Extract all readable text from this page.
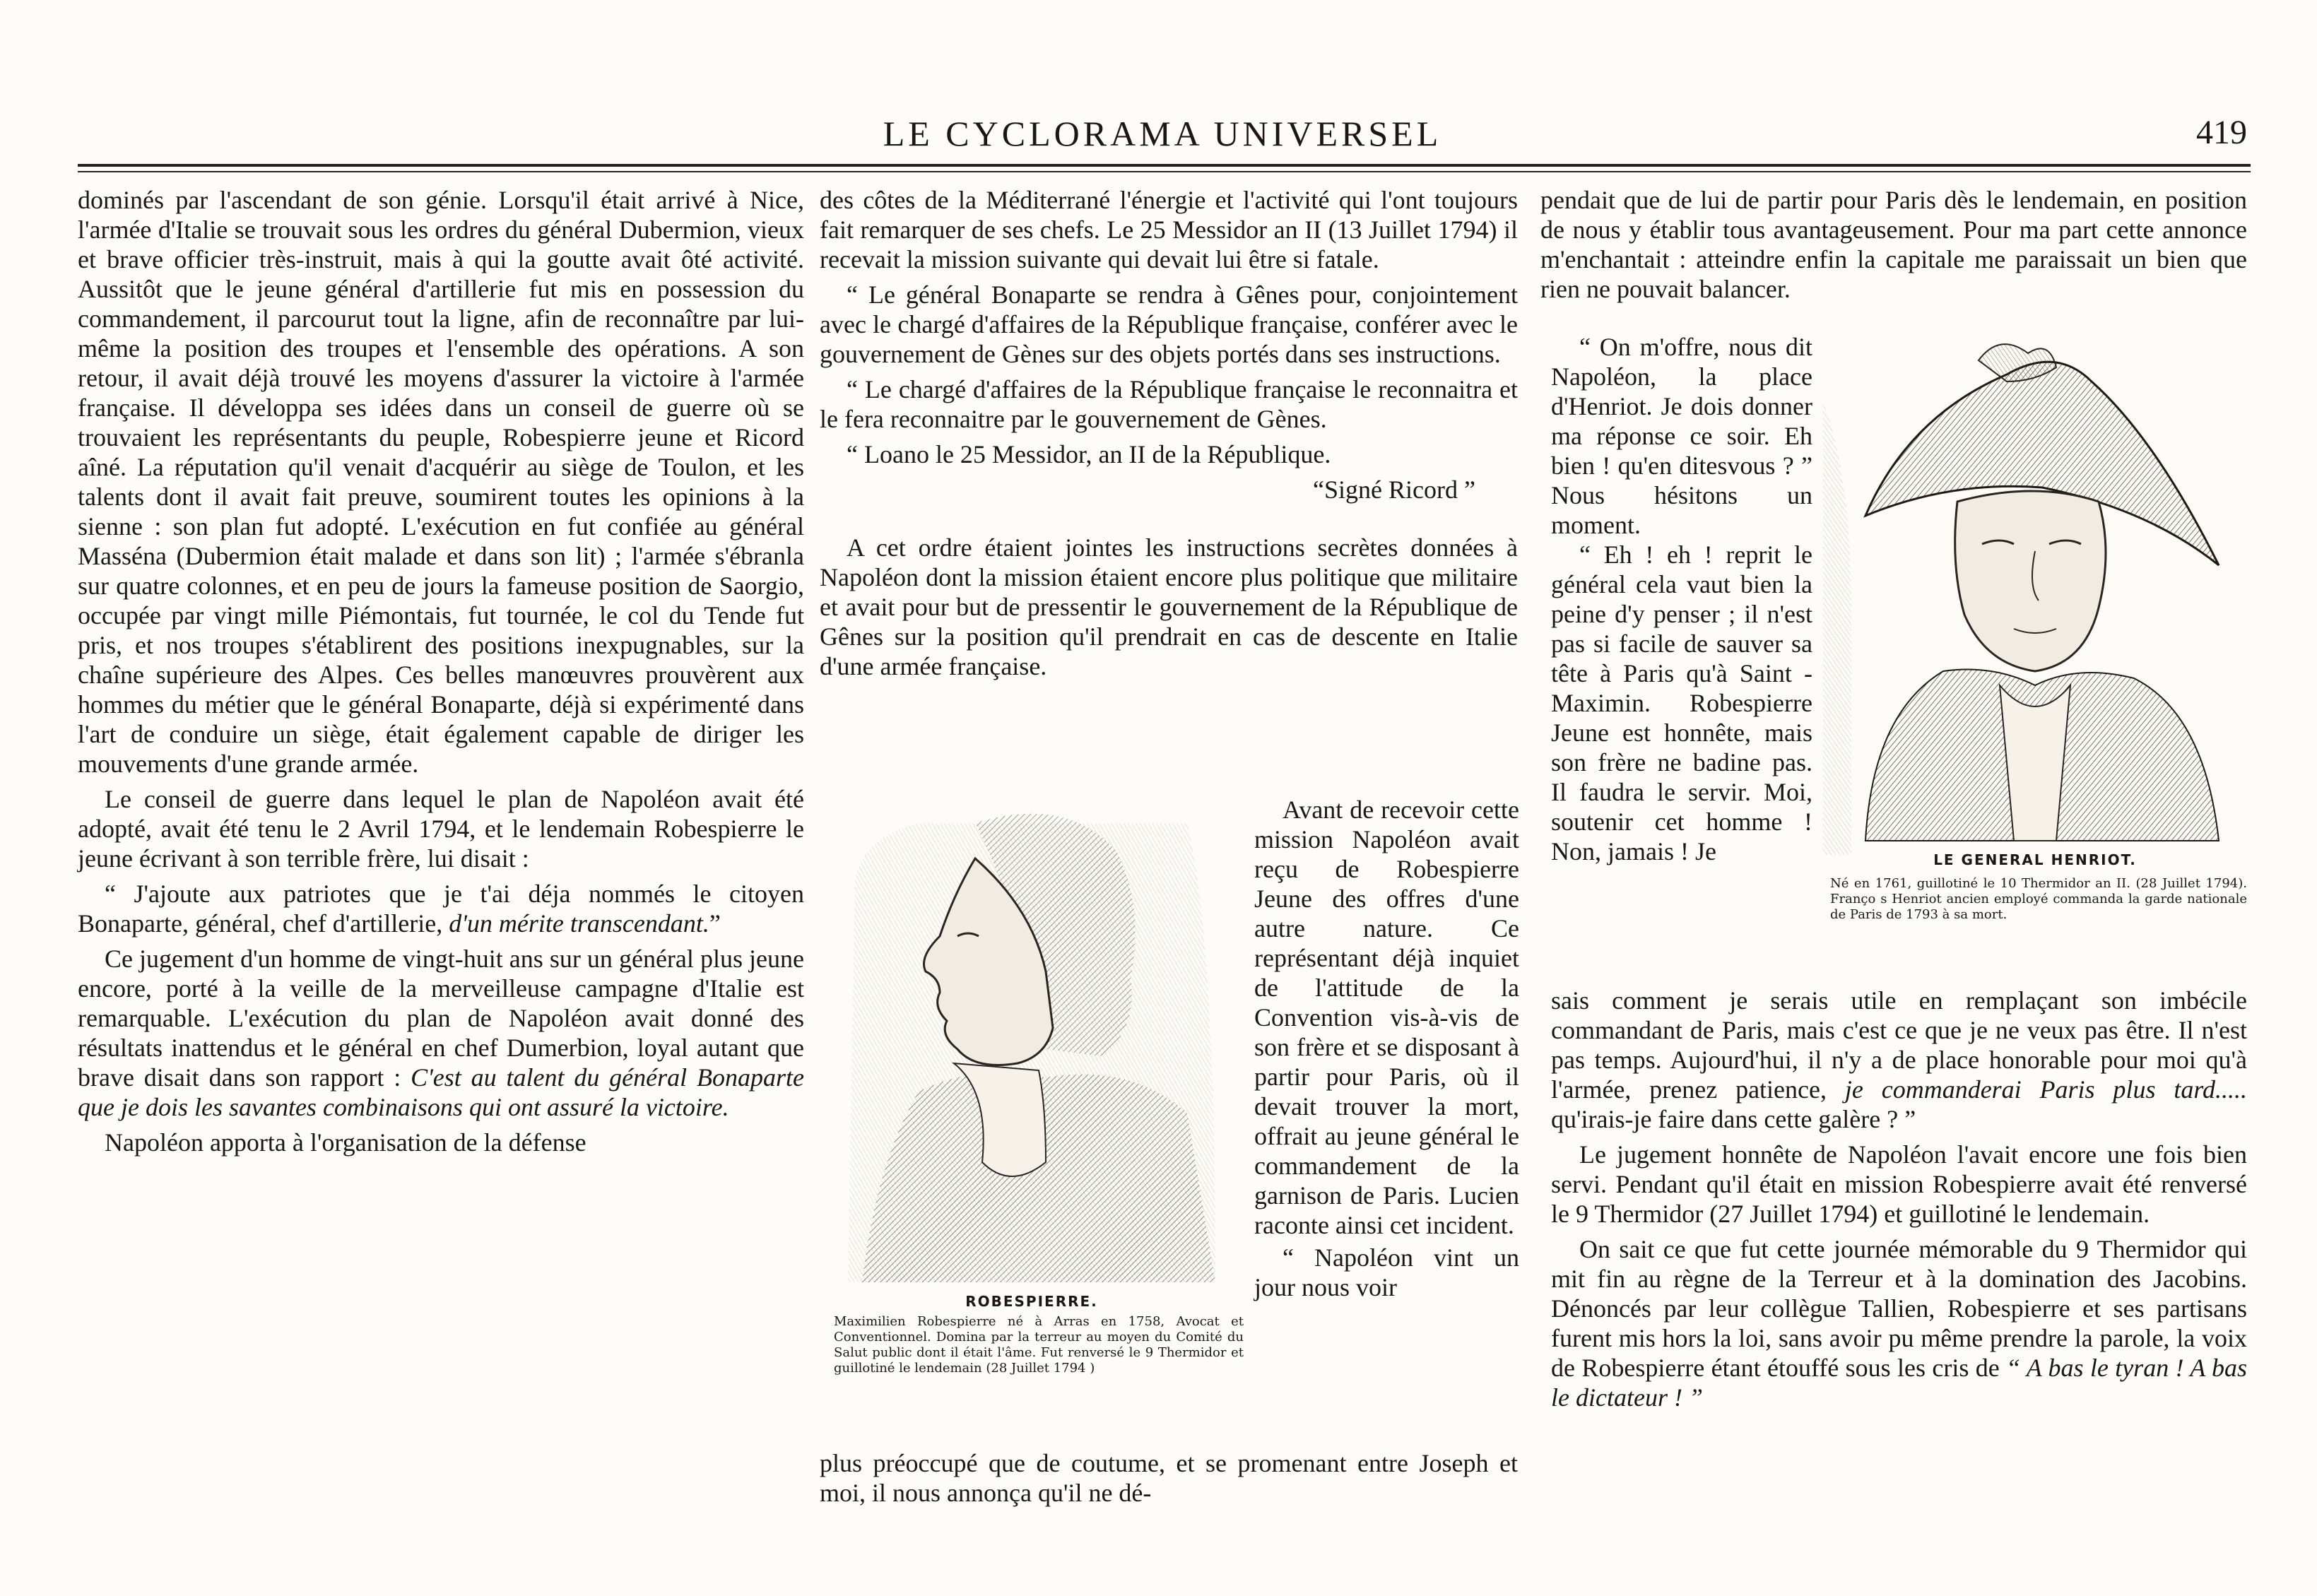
LE CYCLORAMA UNIVERSEL	419

dominés par l'ascendant de son génie. Lorsqu'il était arrivé à Nice, l'armée d'Italie se trouvait sous les ordres du général Dubermion, vieux et brave officier très-instruit, mais à qui la goutte avait ôté activité. Aussitôt que le jeune général d'artillerie fut mis en possession du commandement, il parcourut tout la ligne, afin de reconnaître par lui-même la position des troupes et l'ensemble des opérations. A son retour, il avait déjà trouvé les moyens d'assurer la victoire à l'armée française. Il développa ses idées dans un conseil de guerre où se trouvaient les représentants du peuple, Robespierre jeune et Ricord aîné. La réputation qu'il venait d'acquérir au siège de Toulon, et les talents dont il avait fait preuve, soumirent toutes les opinions à la sienne : son plan fut adopté. L'exécution en fut confiée au général Masséna (Dubermion était malade et dans son lit) ; l'armée s'ébranla sur quatre colonnes, et en peu de jours la fameuse position de Saorgio, occupée par vingt mille Piémontais, fut tournée, le col du Tende fut pris, et nos troupes s'établirent des positions inexpugnables, sur la chaîne supérieure des Alpes. Ces belles manœuvres prouvèrent aux hommes du métier que le général Bonaparte, déjà si expérimenté dans l'art de conduire un siège, était également capable de diriger les mouvements d'une grande armée.

Le conseil de guerre dans lequel le plan de Napoléon avait été adopté, avait été tenu le 2 Avril 1794, et le lendemain Robespierre le jeune écrivant à son terrible frère, lui disait :

“ J'ajoute aux patriotes que je t'ai déja nommés le citoyen Bonaparte, général, chef d'artillerie, d'un mérite transcendant.”

Ce jugement d'un homme de vingt-huit ans sur un général plus jeune encore, porté à la veille de la merveilleuse campagne d'Italie est remarquable. L'exécution du plan de Napoléon avait donné des résultats inattendus et le général en chef Dumerbion, loyal autant que brave disait dans son rapport : C'est au talent du général Bonaparte que je dois les savantes combinaisons qui ont assuré la victoire.

Napoléon apporta à l'organisation de la défense

des côtes de la Méditerrané l'énergie et l'activité qui l'ont toujours fait remarquer de ses chefs. Le 25 Messidor an II (13 Juillet 1794) il recevait la mission suivante qui devait lui être si fatale.

“ Le général Bonaparte se rendra à Gênes pour, conjointement avec le chargé d'affaires de la République française, conférer avec le gouvernement de Gènes sur des objets portés dans ses instructions.

“ Le chargé d'affaires de la République française le reconnaitra et le fera reconnaitre par le gouvernement de Gènes.

“ Loano le 25 Messidor, an II de la République.

“Signé Ricord ”

A cet ordre étaient jointes les instructions secrètes données à Napoléon dont la mission étaient encore plus politique que militaire et avait pour but de pressentir le gouvernement de la République de Gênes sur la position qu'il prendrait en cas de descente en Italie d'une armée française.

ROBESPIERRE.
Maximilien Robespierre né à Arras en 1758, Avocat et Conventionnel. Domina par la terreur au moyen du Comité du Salut public dont il était l'âme. Fut renversé le 9 Thermidor et guillotiné le lendemain (28 Juillet 1794 )

Avant de recevoir cette mission Napoléon avait reçu de Robespierre Jeune des offres d'une autre nature. Ce représentant déjà inquiet de l'attitude de la Convention vis-à-vis de son frère et se disposant à partir pour Paris, où il devait trouver la mort, offrait au jeune général le commandement de la garnison de Paris. Lucien raconte ainsi cet incident.

“ Napoléon vint un jour nous voir

plus préoccupé que de coutume, et se promenant entre Joseph et moi, il nous annonça qu'il ne dé-

pendait que de lui de partir pour Paris dès le lendemain, en position de nous y établir tous avantageusement. Pour ma part cette annonce m'enchantait : atteindre enfin la capitale me paraissait un bien que rien ne pouvait balancer.

“ On m'offre, nous dit Napoléon, la place d'Henriot. Je dois donner ma réponse ce soir. Eh bien ! qu'en ditesvous ? ” Nous hésitons un moment.

“ Eh ! eh ! reprit le général cela vaut bien la peine d'y penser ; il n'est pas si facile de sauver sa tête à Paris qu'à Saint - Maximin. Robespierre Jeune est honnête, mais son frère ne badine pas. Il faudra le servir. Moi, soutenir cet homme ! Non, jamais ! Je	LE GENERAL HENRIOT.
Né en 1761, guillotiné le 10 Thermidor an II. (28 Juillet 1794). Franço s Henriot ancien employé commanda la garde nationale de Paris de 1793 à sa mort.

sais comment je serais utile en remplaçant son imbécile commandant de Paris, mais c'est ce que je ne veux pas être. Il n'est pas temps. Aujourd'hui, il n'y a de place honorable pour moi qu'à l'armée, prenez patience, je commanderai Paris plus tard..... qu'irais-je faire dans cette galère ? ”

Le jugement honnête de Napoléon l'avait encore une fois bien servi. Pendant qu'il était en mission Robespierre avait été renversé le 9 Thermidor (27 Juillet 1794) et guillotiné le lendemain.

On sait ce que fut cette journée mémorable du 9 Thermidor qui mit fin au règne de la Terreur et à la domination des Jacobins. Dénoncés par leur collègue Tallien, Robespierre et ses partisans furent mis hors la loi, sans avoir pu même prendre la parole, la voix de Robespierre étant étouffé sous les cris de “ A bas le tyran ! A bas le dictateur ! ”
